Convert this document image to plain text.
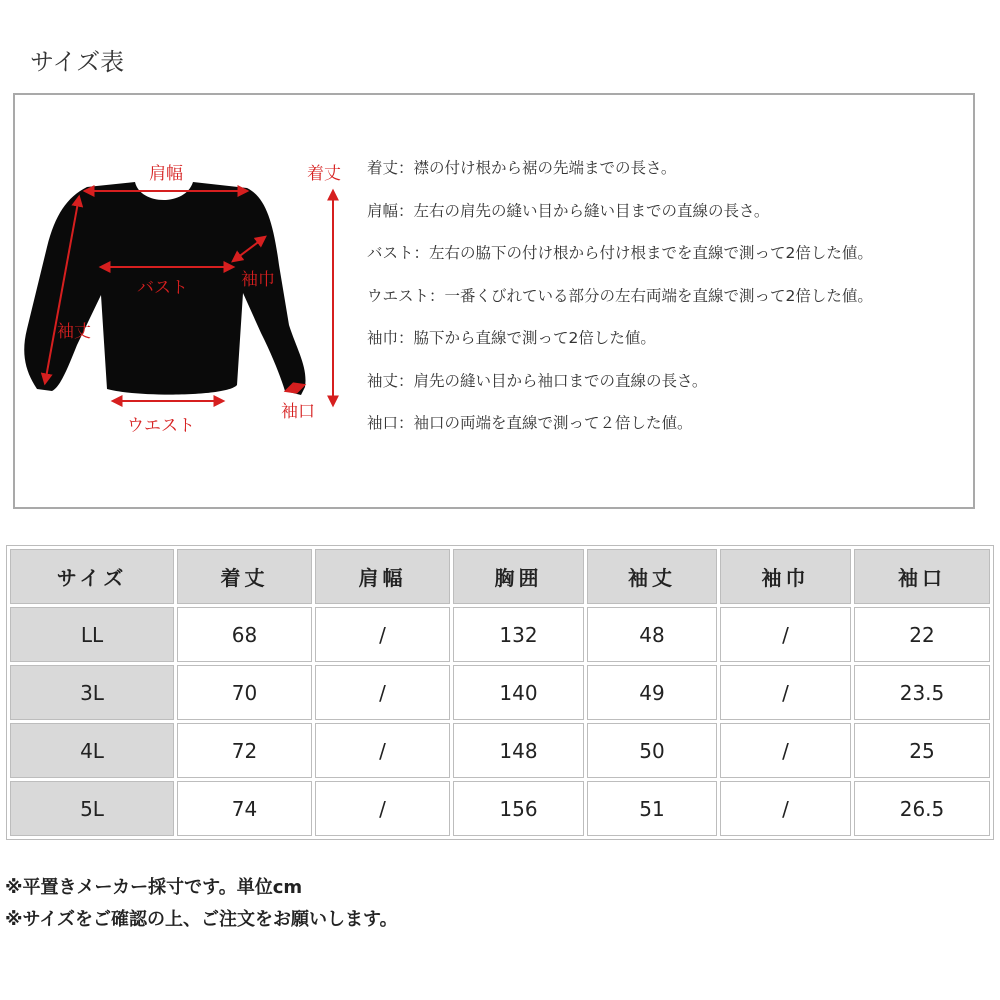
サイズ表
肩幅	着丈
バスト	袖巾
袖丈
袖口
ウエスト
着丈：襟の付け根から裾の先端までの長さ。
肩幅：左右の肩先の縫い目から縫い目までの直線の長さ。
バスト：左右の脇下の付け根から付け根までを直線で測って2倍した値。
ウエスト：一番くびれている部分の左右両端を直線で測って2倍した値。
袖巾：脇下から直線で測って2倍した値。
袖丈：肩先の縫い目から袖口までの直線の長さ。
袖口：袖口の両端を直線で測って２倍した値。
サイズ	着丈	肩幅	胸囲	袖丈	袖巾	袖口
LL	68	/	132	48	/	22
3L	70	/	140	49	/	23.5
4L	72	/	148	50	/	25
5L	74	/	156	51	/	26.5
※平置きメーカー採寸です。単位cm
※サイズをご確認の上、ご注文をお願いします。
